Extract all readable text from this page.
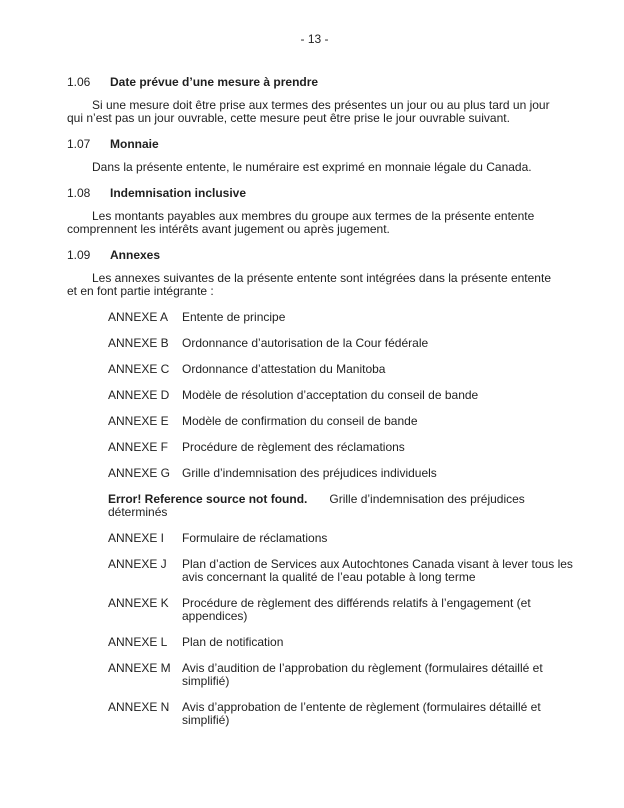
- 13 -
1.06 Date prévue d’une mesure à prendre

Si une mesure doit être prise aux termes des présentes un jour ou au plus tard un jour qui n’est pas un jour ouvrable, cette mesure peut être prise le jour ouvrable suivant.

1.07 Monnaie

Dans la présente entente, le numéraire est exprimé en monnaie légale du Canada.

1.08 Indemnisation inclusive

Les montants payables aux membres du groupe aux termes de la présente entente comprennent les intérêts avant jugement ou après jugement.

1.09 Annexes

Les annexes suivantes de la présente entente sont intégrées dans la présente entente et en font partie intégrante :

ANNEXE A Entente de principe
ANNEXE B Ordonnance d’autorisation de la Cour fédérale
ANNEXE C Ordonnance d’attestation du Manitoba
ANNEXE D Modèle de résolution d’acceptation du conseil de bande
ANNEXE E Modèle de confirmation du conseil de bande
ANNEXE F Procédure de règlement des réclamations
ANNEXE G Grille d’indemnisation des préjudices individuels
Error! Reference source not found. Grille d’indemnisation des préjudices déterminés
ANNEXE I Formulaire de réclamations
ANNEXE J Plan d’action de Services aux Autochtones Canada visant à lever tous les avis concernant la qualité de l’eau potable à long terme
ANNEXE K Procédure de règlement des différends relatifs à l’engagement (et appendices)
ANNEXE L Plan de notification
ANNEXE M Avis d’audition de l’approbation du règlement (formulaires détaillé et simplifié)
ANNEXE N Avis d’approbation de l’entente de règlement (formulaires détaillé et simplifié)
